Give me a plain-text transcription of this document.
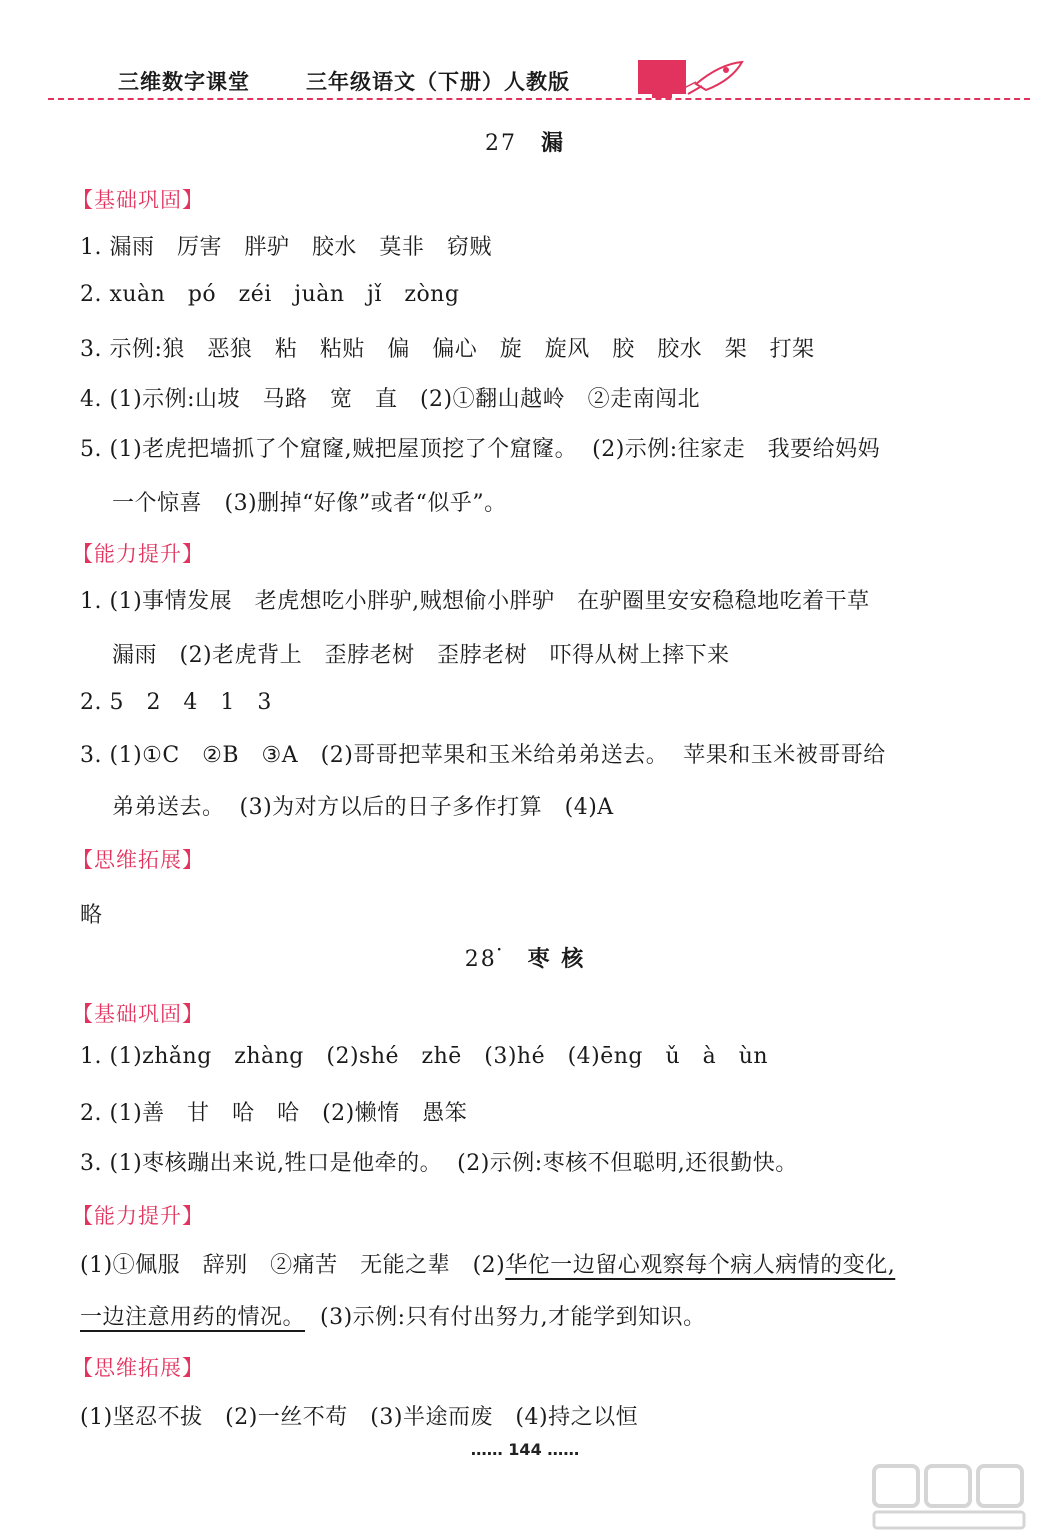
三维数字课堂	三年级语文（下册）人教版
27 漏
【基础巩固】
1. 漏雨   厉害   胖驴   胶水   莫非   窃贼
2. xuàn   pó   zéi   juàn   jǐ   zòng
3. 示例:狼   恶狼   粘   粘贴   偏   偏心   旋   旋风   胶   胶水   架   打架
4. (1)示例:山坡   马路   宽   直   (2)①翻山越岭   ②走南闯北
5. (1)老虎把墙抓了个窟窿,贼把屋顶挖了个窟窿。  (2)示例:往家走   我要给妈妈
一个惊喜   (3)删掉“好像”或者“似乎”。
【能力提升】
1. (1)事情发展   老虎想吃小胖驴,贼想偷小胖驴   在驴圈里安安稳稳地吃着干草
漏雨   (2)老虎背上   歪脖老树   歪脖老树   吓得从树上摔下来
2. 5   2   4   1   3
3. (1)①C   ②B   ③A   (2)哥哥把苹果和玉米给弟弟送去。  苹果和玉米被哥哥给
弟弟送去。  (3)为对方以后的日子多作打算   (4)A
【思维拓展】
略
28· 枣 核
【基础巩固】
1. (1)zhǎng   zhàng   (2)shé   zhē   (3)hé   (4)ēng   ǔ   à   ùn
2. (1)善   甘   哈   哈   (2)懒惰   愚笨
3. (1)枣核蹦出来说,牲口是他牵的。  (2)示例:枣核不但聪明,还很勤快。
【能力提升】
(1)①佩服   辞别   ②痛苦   无能之辈   (2)华佗一边留心观察每个病人病情的变化,
一边注意用药的情况。  (3)示例:只有付出努力,才能学到知识。
【思维拓展】
(1)坚忍不拔   (2)一丝不苟   (3)半途而废   (4)持之以恒
…… 144 ……
